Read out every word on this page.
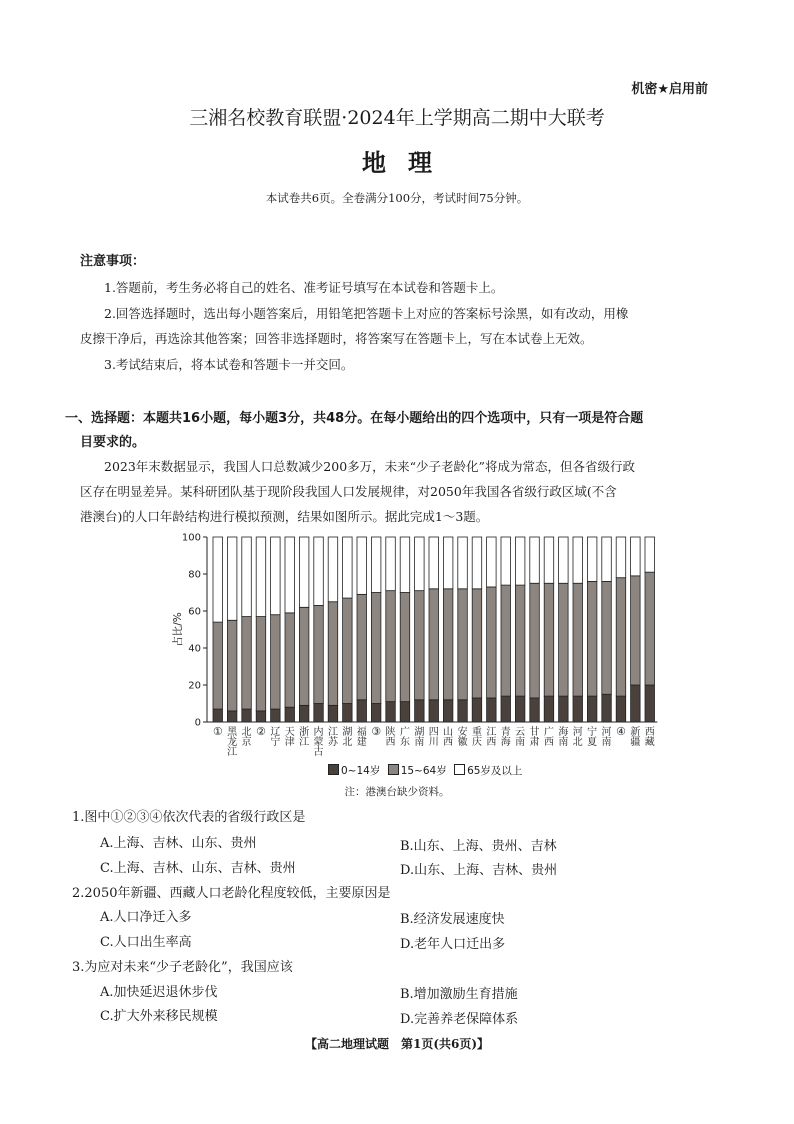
机密★启用前
三湘名校教育联盟·2024年上学期高二期中大联考
地理
本试卷共6页。全卷满分100分，考试时间75分钟。
注意事项：
1.答题前，考生务必将自己的姓名、准考证号填写在本试卷和答题卡上。
2.回答选择题时，选出每小题答案后，用铅笔把答题卡上对应的答案标号涂黑，如有改动，用橡
皮擦干净后，再选涂其他答案；回答非选择题时，将答案写在答题卡上，写在本试卷上无效。
3.考试结束后，将本试卷和答题卡一并交回。
一、选择题：本题共16小题，每小题3分，共48分。在每小题给出的四个选项中，只有一项是符合题
目要求的。
2023年末数据显示，我国人口总数减少200多万，未来“少子老龄化”将成为常态，但各省级行政
区存在明显差异。某科研团队基于现阶段我国人口发展规律，对2050年我国各省级行政区域(不含
港澳台)的人口年龄结构进行模拟预测，结果如图所示。据此完成1～3题。
0
20
40
60
80
100
占比/%
① 黑龙江
北京
② 辽宁
天津
浙江
内蒙古
江苏
湖北
福建
③ 陕西
广东
湖南
四川
山西
安徽
重庆
江西
青海
云南
甘肃
广西
海南
河北
宁夏
河南
④ 新疆
西藏
0~14岁 15~64岁 65岁及以上
注：港澳台缺少资料。
1.图中①②③④依次代表的省级行政区是
A.上海、吉林、山东、贵州	B.山东、上海、贵州、吉林
C.上海、吉林、山东、吉林、贵州	D.山东、上海、吉林、贵州
2.2050年新疆、西藏人口老龄化程度较低，主要原因是
A.人口净迁入多	B.经济发展速度快
C.人口出生率高	D.老年人口迁出多
3.为应对未来“少子老龄化”，我国应该
A.加快延迟退休步伐	B.增加激励生育措施
C.扩大外来移民规模	D.完善养老保障体系
【高二地理试题　第1页(共6页)】
